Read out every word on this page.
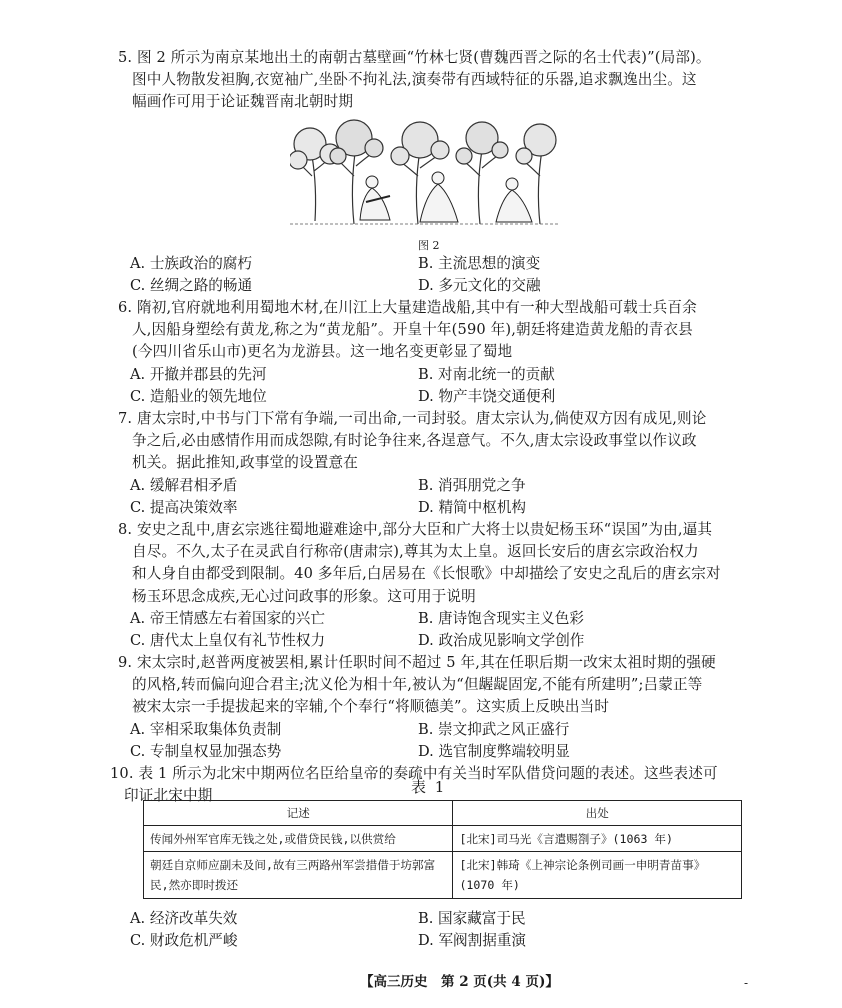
5. 图 2 所示为南京某地出土的南朝古墓壁画“竹林七贤(曹魏西晋之际的名士代表)”(局部)。
图中人物散发袒胸,衣宽袖广,坐卧不拘礼法,演奏带有西域特征的乐器,追求飘逸出尘。这
幅画作可用于论证魏晋南北朝时期
图 2
A. 士族政治的腐朽	B. 主流思想的演变
C. 丝绸之路的畅通	D. 多元文化的交融
6. 隋初,官府就地利用蜀地木材,在川江上大量建造战船,其中有一种大型战船可载士兵百余
人,因船身塑绘有黄龙,称之为“黄龙船”。开皇十年(590 年),朝廷将建造黄龙船的青衣县
(今四川省乐山市)更名为龙游县。这一地名变更彰显了蜀地
A. 开撤并郡县的先河	B. 对南北统一的贡献
C. 造船业的领先地位	D. 物产丰饶交通便利
7. 唐太宗时,中书与门下常有争端,一司出命,一司封驳。唐太宗认为,倘使双方因有成见,则论
争之后,必由感情作用而成怨隙,有时论争往来,各逞意气。不久,唐太宗设政事堂以作议政
机关。据此推知,政事堂的设置意在
A. 缓解君相矛盾	B. 消弭朋党之争
C. 提高决策效率	D. 精简中枢机构
8. 安史之乱中,唐玄宗逃往蜀地避难途中,部分大臣和广大将士以贵妃杨玉环“误国”为由,逼其
自尽。不久,太子在灵武自行称帝(唐肃宗),尊其为太上皇。返回长安后的唐玄宗政治权力
和人身自由都受到限制。40 多年后,白居易在《长恨歌》中却描绘了安史之乱后的唐玄宗对
杨玉环思念成疾,无心过问政事的形象。这可用于说明
A. 帝王情感左右着国家的兴亡	B. 唐诗饱含现实主义色彩
C. 唐代太上皇仅有礼节性权力	D. 政治成见影响文学创作
9. 宋太宗时,赵普两度被罢相,累计任职时间不超过 5 年,其在任职后期一改宋太祖时期的强硬
的风格,转而偏向迎合君主;沈义伦为相十年,被认为“但龌龊固宠,不能有所建明”;吕蒙正等
被宋太宗一手提拔起来的宰辅,个个奉行“将顺德美”。这实质上反映出当时
A. 宰相采取集体负责制	B. 崇文抑武之风正盛行
C. 专制皇权显加强态势	D. 选官制度弊端较明显
10. 表 1 所示为北宋中期两位名臣给皇帝的奏疏中有关当时军队借贷问题的表述。这些表述可
印证北宋中期	表 1
记述	出处
传闻外州军官库无钱之处,或借贷民钱,以供赏给	[北宋]司马光《言遣赐劄子》(1063 年)
朝廷自京师应副未及间,故有三两路州军尝措借于坊郭富民,然亦即时拨还	[北宋]韩琦《上神宗论条例司画一申明青苗事》(1070 年)
A. 经济改革失效	B. 国家藏富于民
C. 财政危机严峻	D. 军阀割据重演
【高三历史　第 2 页(共 4 页)】	-
